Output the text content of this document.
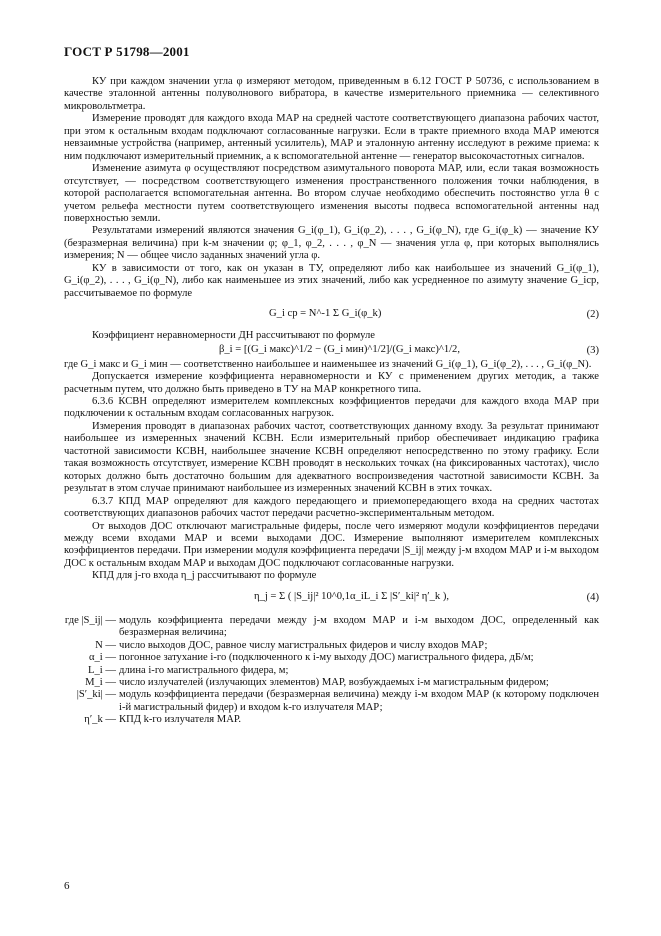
ГОСТ Р 51798—2001

КУ при каждом значении угла φ измеряют методом, приведенным в 6.12 ГОСТ Р 50736, с использованием в качестве эталонной антенны полуволнового вибратора, в качестве измерительного приемника — селективного микровольтметра.

Измерение проводят для каждого входа МАР на средней частоте соответствующего диапазона рабочих частот, при этом к остальным входам подключают согласованные нагрузки. Если в тракте приемного входа МАР имеются невзаимные устройства (например, антенный усилитель), МАР и эталонную антенну исследуют в режиме приема: к ним подключают измерительный приемник, а к вспомогательной антенне — генератор высокочастотных сигналов.

Изменение азимута φ осуществляют посредством азимутального поворота МАР, или, если такая возможность отсутствует, — посредством соответствующего изменения пространственного положения точки наблюдения, в которой располагается вспомогательная антенна. Во втором случае необходимо обеспечить постоянство угла θ с учетом рельефа местности путем соответствующего изменения высоты подвеса вспомогательной антенны над поверхностью земли.

Результатами измерений являются значения G_i(φ_1), G_i(φ_2), . . . , G_i(φ_N), где G_i(φ_k) — значение КУ (безразмерная величина) при k-м значении φ; φ_1, φ_2, . . . , φ_N — значения угла φ, при которых выполнялись измерения; N — общее число заданных значений угла φ.

КУ в зависимости от того, как он указан в ТУ, определяют либо как наибольшее из значений G_i(φ_1), G_i(φ_2), . . . , G_i(φ_N), либо как наименьшее из этих значений, либо как усредненное по азимуту значение G_iср, рассчитываемое по формуле

G_i ср = N^-1 Σ G_i(φ_k)	(2)

Коэффициент неравномерности ДН рассчитывают по формуле

β_i = [(G_i макс)^1/2 − (G_i мин)^1/2]/(G_i макс)^1/2,	(3)

где G_i макс и G_i мин — соответственно наибольшее и наименьшее из значений G_i(φ_1), G_i(φ_2), . . . , G_i(φ_N).

Допускается измерение коэффициента неравномерности и КУ с применением других методик, а также расчетным путем, что должно быть приведено в ТУ на МАР конкретного типа.

6.3.6 КСВН определяют измерителем комплексных коэффициентов передачи для каждого входа МАР при подключении к остальным входам согласованных нагрузок.

Измерения проводят в диапазонах рабочих частот, соответствующих данному входу. За результат принимают наибольшее из измеренных значений КСВН. Если измерительный прибор обеспечивает индикацию графика частотной зависимости КСВН, наибольшее значение КСВН определяют непосредственно по этому графику. Если такая возможность отсутствует, измерение КСВН проводят в нескольких точках (на фиксированных частотах), число которых должно быть достаточно большим для адекватного воспроизведения частотной зависимости КСВН. За результат в этом случае принимают наибольшее из измеренных значений КСВН в этих точках.

6.3.7 КПД МАР определяют для каждого передающего и приемопередающего входа на средних частотах соответствующих диапазонов рабочих частот передачи расчетно-экспериментальным методом.

От выходов ДОС отключают магистральные фидеры, после чего измеряют модули коэффициентов передачи между всеми входами МАР и всеми выходами ДОС. Измерение выполняют измерителем комплексных коэффициентов передачи. При измерении модуля коэффициента передачи |S_ij| между j-м входом МАР и i-м выходом ДОС к остальным входам МАР и выходам ДОС подключают согласованные нагрузки.

КПД для j-го входа η_j рассчитывают по формуле

η_j = Σ ( |S_ij|² 10^0,1α_iL_i Σ |S′_ki|² η′_k ),	(4)
где |S_ij| — модуль коэффициента передачи между j-м входом МАР и i-м выходом ДОС, определенный как безразмерная величина;
N — число выходов ДОС, равное числу магистральных фидеров и числу входов МАР;
α_i — погонное затухание i-го (подключенного к i-му выходу ДОС) магистрального фидера, дБ/м;
L_i — длина i-го магистрального фидера, м;
M_i — число излучателей (излучающих элементов) МАР, возбуждаемых i-м магистральным фидером;
|S′_ki| — модуль коэффициента передачи (безразмерная величина) между i-м входом МАР (к которому подключен i-й магистральный фидер) и входом k-го излучателя МАР;
η′_k — КПД k-го излучателя МАР.
6
